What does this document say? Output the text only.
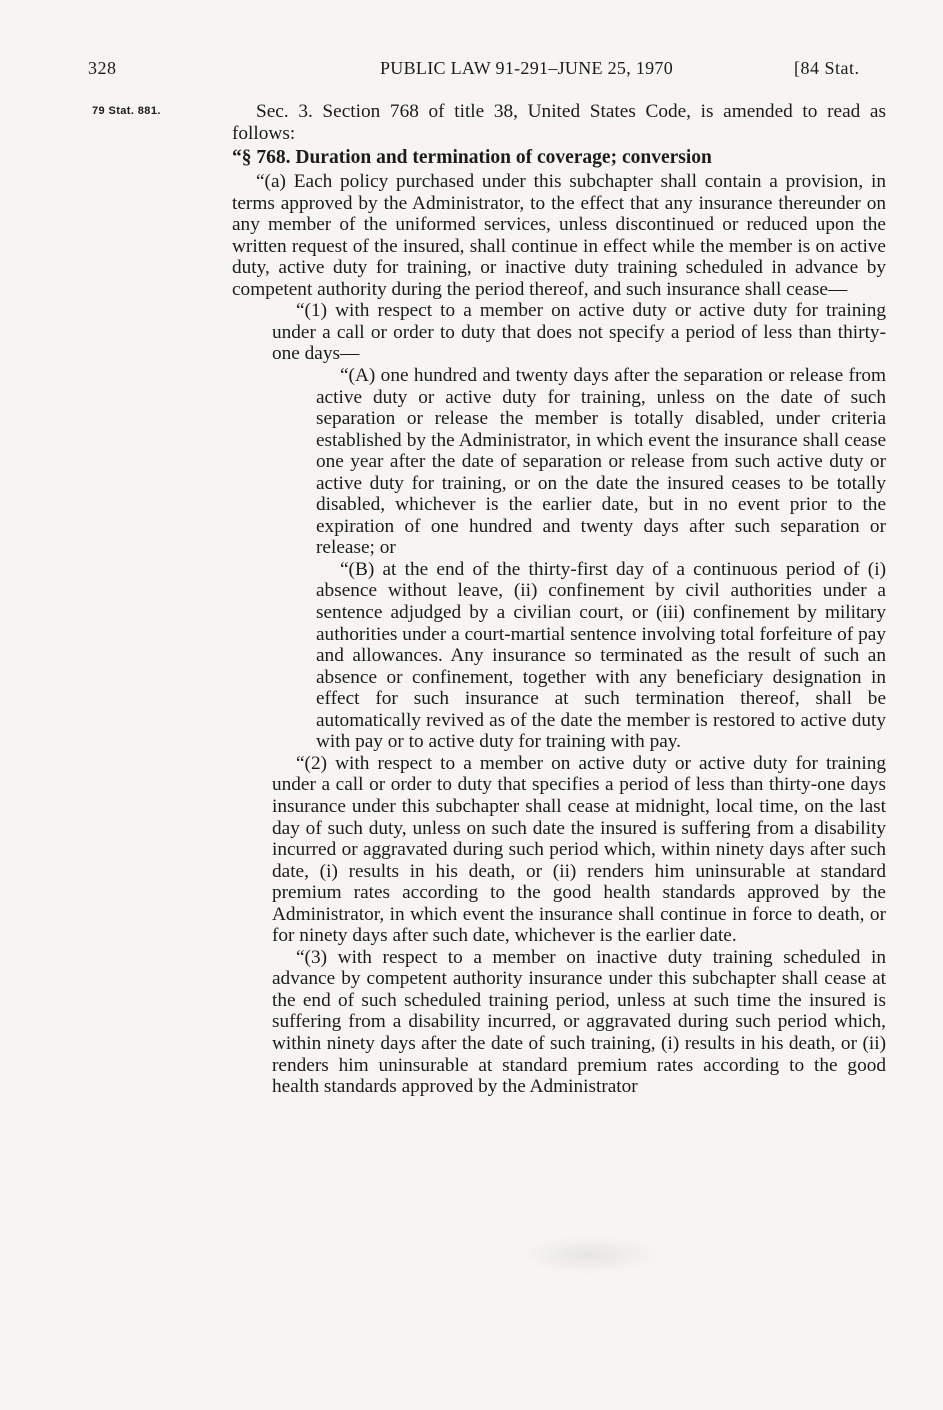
328	PUBLIC LAW 91-291–JUNE 25, 1970	[84 Stat.
79 Stat. 881.	Sec. 3. Section 768 of title 38, United States Code, is amended to read as follows:

“§ 768. Duration and termination of coverage; conversion

“(a) Each policy purchased under this subchapter shall contain a provision, in terms approved by the Administrator, to the effect that any insurance thereunder on any member of the uniformed services, unless discontinued or reduced upon the written request of the insured, shall continue in effect while the member is on active duty, active duty for training, or inactive duty training scheduled in advance by competent authority during the period thereof, and such insurance shall cease—

“(1) with respect to a member on active duty or active duty for training under a call or order to duty that does not specify a period of less than thirty-one days—

“(A) one hundred and twenty days after the separation or release from active duty or active duty for training, unless on the date of such separation or release the member is totally disabled, under criteria established by the Administrator, in which event the insurance shall cease one year after the date of separation or release from such active duty or active duty for training, or on the date the insured ceases to be totally disabled, whichever is the earlier date, but in no event prior to the expiration of one hundred and twenty days after such separation or release; or

“(B) at the end of the thirty-first day of a continuous period of (i) absence without leave, (ii) confinement by civil authorities under a sentence adjudged by a civilian court, or (iii) confinement by military authorities under a court-martial sentence involving total forfeiture of pay and allowances. Any insurance so terminated as the result of such an absence or confinement, together with any beneficiary designation in effect for such insurance at such termination thereof, shall be automatically revived as of the date the member is restored to active duty with pay or to active duty for training with pay.

“(2) with respect to a member on active duty or active duty for training under a call or order to duty that specifies a period of less than thirty-one days insurance under this subchapter shall cease at midnight, local time, on the last day of such duty, unless on such date the insured is suffering from a disability incurred or aggravated during such period which, within ninety days after such date, (i) results in his death, or (ii) renders him uninsurable at standard premium rates according to the good health standards approved by the Administrator, in which event the insurance shall continue in force to death, or for ninety days after such date, whichever is the earlier date.

“(3) with respect to a member on inactive duty training scheduled in advance by competent authority insurance under this subchapter shall cease at the end of such scheduled training period, unless at such time the insured is suffering from a disability incurred, or aggravated during such period which, within ninety days after the date of such training, (i) results in his death, or (ii) renders him uninsurable at standard premium rates according to the good health standards approved by the Administrator
